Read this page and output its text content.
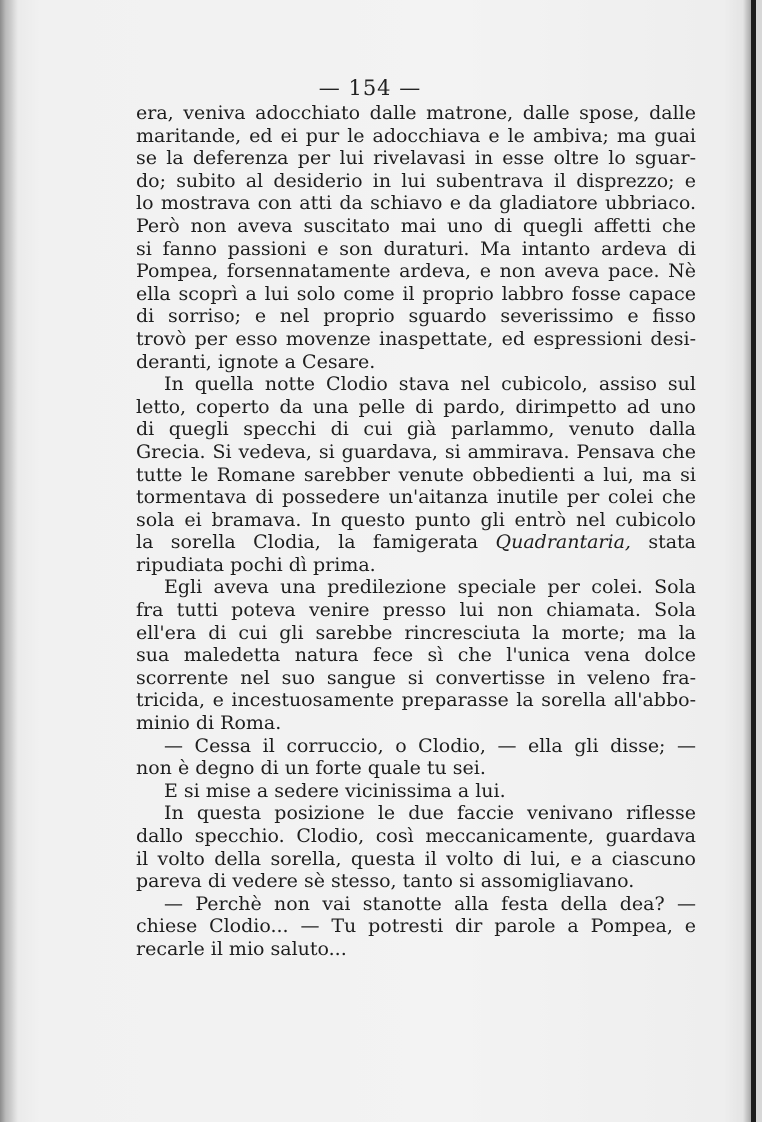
— 154 —
era, veniva adocchiato dalle matrone, dalle spose, dalle
maritande, ed ei pur le adocchiava e le ambiva; ma guai
se la deferenza per lui rivelavasi in esse oltre lo sguar-
do; subito al desiderio in lui subentrava il disprezzo; e
lo mostrava con atti da schiavo e da gladiatore ubbriaco.
Però non aveva suscitato mai uno di quegli affetti che
si fanno passioni e son duraturi. Ma intanto ardeva di
Pompea, forsennatamente ardeva, e non aveva pace. Nè
ella scoprì a lui solo come il proprio labbro fosse capace
di sorriso; e nel proprio sguardo severissimo e fisso
trovò per esso movenze inaspettate, ed espressioni desi-
deranti, ignote a Cesare.
In quella notte Clodio stava nel cubicolo, assiso sul
letto, coperto da una pelle di pardo, dirimpetto ad uno
di quegli specchi di cui già parlammo, venuto dalla
Grecia. Si vedeva, si guardava, si ammirava. Pensava che
tutte le Romane sarebber venute obbedienti a lui, ma si
tormentava di possedere un'aitanza inutile per colei che
sola ei bramava. In questo punto gli entrò nel cubicolo
la sorella Clodia, la famigerata Quadrantaria, stata
ripudiata pochi dì prima.
Egli aveva una predilezione speciale per colei. Sola
fra tutti poteva venire presso lui non chiamata. Sola
ell'era di cui gli sarebbe rincresciuta la morte; ma la
sua maledetta natura fece sì che l'unica vena dolce
scorrente nel suo sangue si convertisse in veleno fra-
tricida, e incestuosamente preparasse la sorella all'abbo-
minio di Roma.
— Cessa il corruccio, o Clodio, — ella gli disse; —
non è degno di un forte quale tu sei.
E si mise a sedere vicinissima a lui.
In questa posizione le due faccie venivano riflesse
dallo specchio. Clodio, così meccanicamente, guardava
il volto della sorella, questa il volto di lui, e a ciascuno
pareva di vedere sè stesso, tanto si assomigliavano.
— Perchè non vai stanotte alla festa della dea? —
chiese Clodio... — Tu potresti dir parole a Pompea, e
recarle il mio saluto...
